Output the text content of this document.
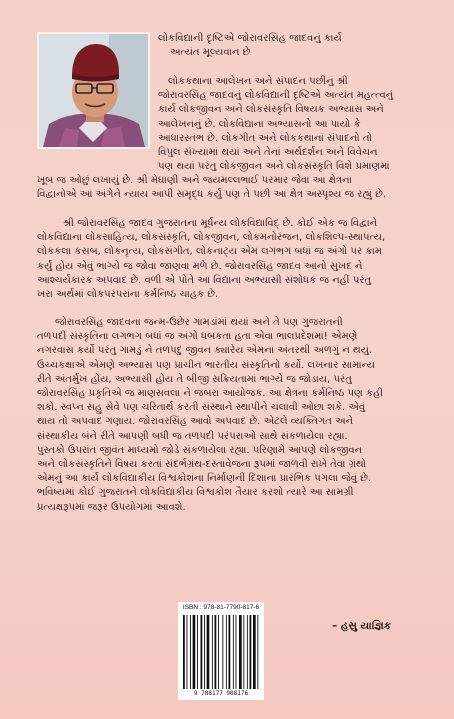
લોકવિદ્યાની દૃષ્ટિએ જોરાવરસિંહ જાદવનું કાર્ય
અત્યંત મૂલ્યવાન છે
લોકકથાના આલેખન અને સંપાદન પછીનું શ્રી
જોરાવરસિંહ જાદવનું લોકવિદ્યાની દૃષ્ટિએ અત્યંત મહત્ત્વનું
કાર્ય લોકજીવન અને લોકસંસ્કૃતિ વિષયક અભ્યાસ અને
આલેખનનું છે. લોકવિદ્યાના અભ્યાસનો આ પાયો કે
આધારસ્તંભ છે. લોકગીત અને લોકકથાનાં સંપાદનો તો
વિપુલ સંખ્યામાં થયાં અને તેનાં અર્થદર્શન અને વિવેચન
પણ થયાં પરંતુ લોકજીવન અને લોકસંસ્કૃતિ વિશે પ્રમાણમાં
ખૂબ જ ઓછું લખાયું છે. શ્રી મેઘાણી અને જયમલ્લભાઈ પરમાર જેવા આ ક્ષેત્રના
વિદ્વાનોએ આ અંગેને ન્યાય આપી સમૃદ્ધ કર્યું પણ તે પછી આ ક્ષેત્ર અસ્પૃશ્ય જ રહ્યું છે.
શ્રી જોરાવરસિંહ જાદવ ગુજરાતના મૂર્ધન્ય લોકવિદ્યાવિદ્ છે. કોઈ એક જ વિદ્વાને
લોકવિદ્યાના લોકસાહિત્ય, લોકસંસ્કૃતિ, લોકજીવન, લોકમનોરંજન, લોકશિલ્પ-સ્થાપત્ય,
લોકકલા કસબ, લોકનૃત્ય, લોકસંગીત, લોકનાટ્ય એમ લગભગ બધાં જ અંગો પર કામ
કર્યું હોય એવું ભાગ્યે જ જોવા જાણવા મળે છે. જોરાવરસિંહ જાદવ આનો સુખદ ને
આશ્ચર્યકારક અપવાદ છે. વળી એ પોતે આ વિદ્યાના અભ્યાસી સંશોધક જ નહીં પરંતુ
ખરા અર્થમાં લોકપરંપરાના કર્મનિષ્ઠ ચાહક છે.
જોરાવરસિંહ જાદવના જન્મ-ઉછેર ગામડાંમાં થયાં અને તે પણ ગુજરાતની
તળપદી સંસ્કૃતિના લગભગ બધાં જ અંગો ધબકતા હતા એવા ભાલપ્રદેશમાં! એમણે
નગરવાસ કર્યો પરંતુ ગામડું ને તળપદું જીવન ક્યારેય એમના અંતરથી અળગું ન થયું.
ઉચ્ચકક્ષાએ એમણે અભ્યાસ પણ પ્રાચીન ભારતીય સંસ્કૃતિનો કર્યો. લખનાર સામાન્ય
રીતે અંતર્મુખ હોય, અભ્યાસી હોય તે બીજી સક્રિયતામાં ભાગ્યે જ જોડાય, પરંતુ
જોરાવરસિંહ પ્રકૃતિએ જ માણસવલા ને જબરા આયોજક. આ ક્ષેત્રના કર્મનિષ્ઠ પણ કહી
શકો. સ્વપ્ન સહુ સેવે પણ ચરિતાર્થ કરતી સંસ્થાને સ્થાપીને ચલાવી ઓછા શકે. એવું
થાય તો અપવાદ ગણાય. જોરાવરસિંહ આવો અપવાદ છે. એટલે વ્યક્તિગત અને
સંસ્થાકીય બંને રીતે આપણી બધી જ તળપદી પરંપરાઓ સાથે સંકળાયેલા રહ્યા.
પુસ્તકો ઉપરાંત જીવંત માધ્યમો જોડે સંકળાયેલા રહ્યા. પરિણામે આપણે લોકજીવન
અને લોકસંસ્કૃતિને વિષય કરતાં સંદર્ભગ્રંથ-દસ્તાવેજના રૂપમાં જાળવી રાખે તેવા ગ્રંથો
એમનું આ કાર્ય લોકવિદ્યાકીય વિશ્વકોશના નિર્માણની દિશાના પ્રારંભિક પગલા જેવું છે.
ભવિષ્યમાં કોઈ ગુજરાતને લોકવિદ્યાકીય વિશ્વકોશ તૈયાર કરશો ત્યારે આ સામગ્રી
પ્રત્યક્ષરૂપમાં જરૂર ઉપયોગમાં આવશે.
ISBN : 978-81-7790-817-6
9 788177 908176
– હસુ યાજ્ઞિક
